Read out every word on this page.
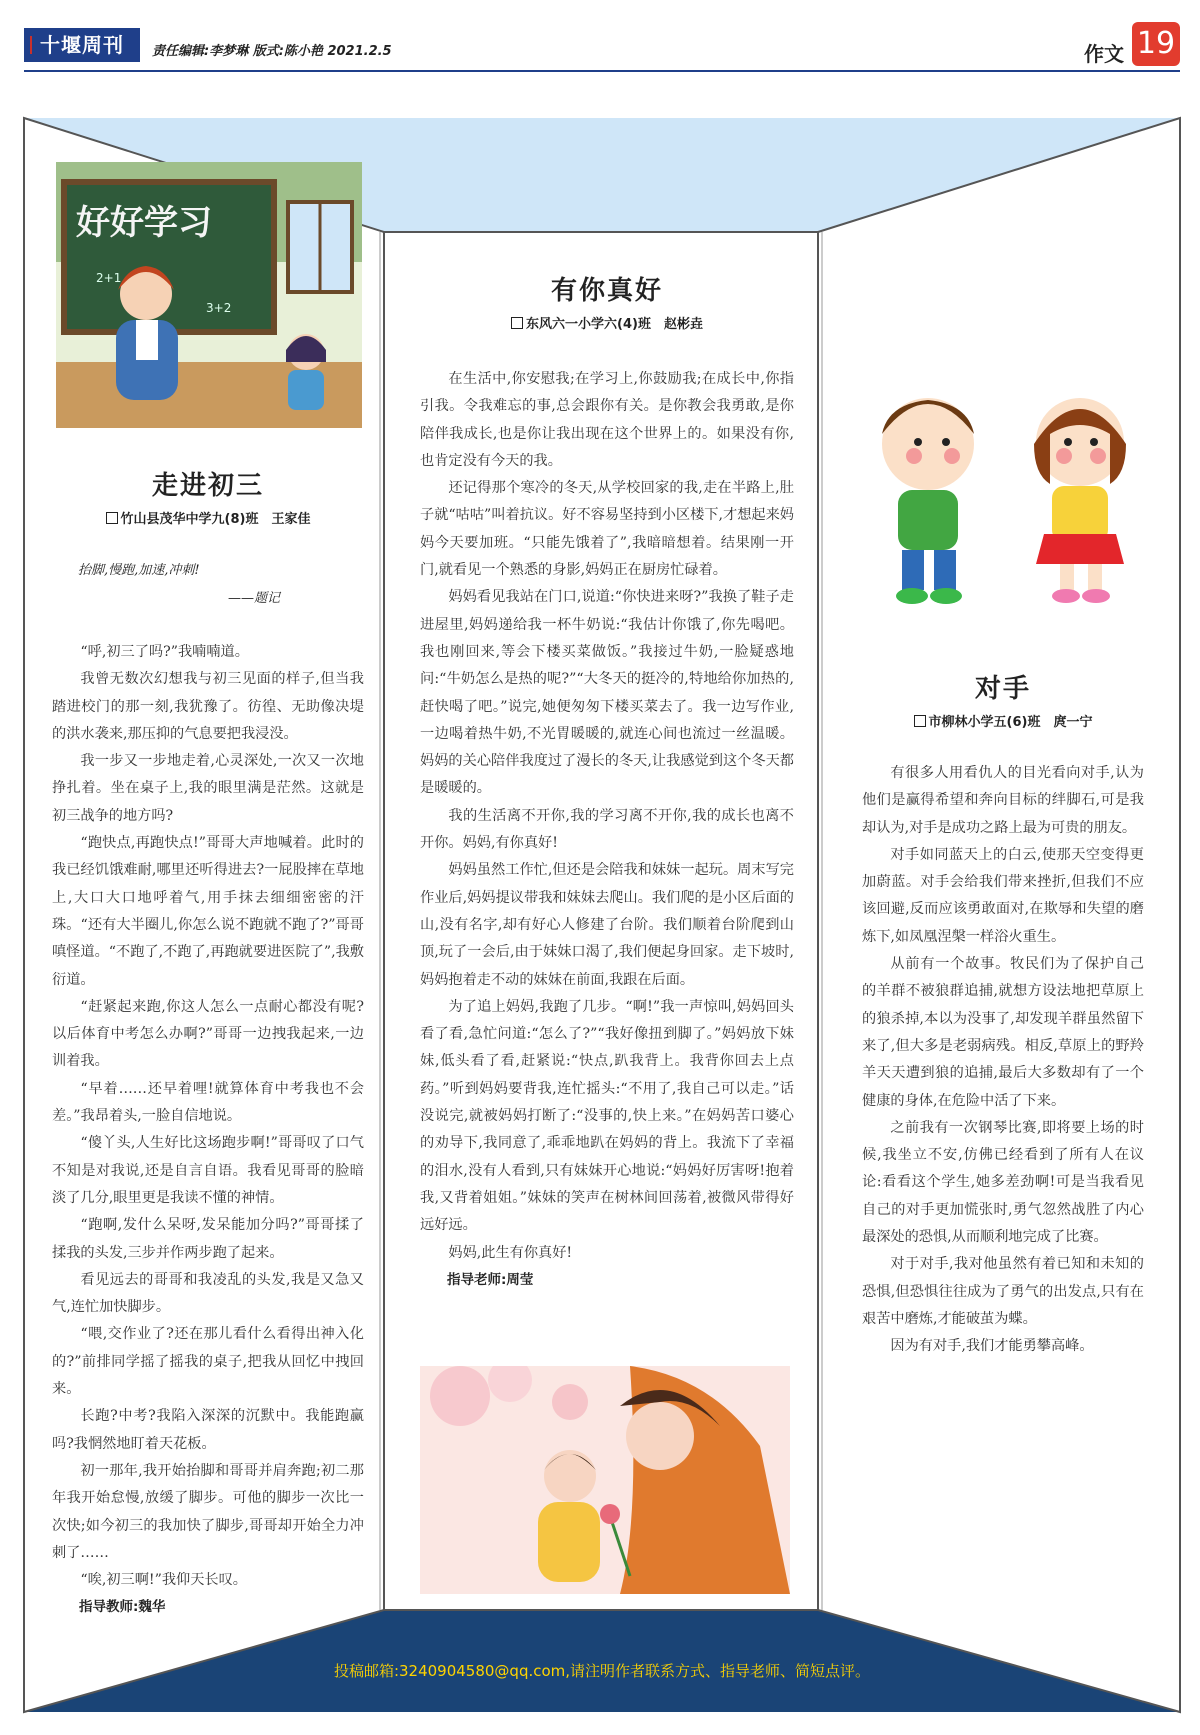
十堰周刊	责任编辑:李梦琳 版式:陈小艳 2021.2.5	作文 19
好好学习
2+1
3+2
走进初三
竹山县茂华中学九(8)班　王家佳
抬脚,慢跑,加速,冲刺!
——题记

“呼,初三了吗?”我喃喃道。

我曾无数次幻想我与初三见面的样子,但当我踏进校门的那一刻,我犹豫了。彷徨、无助像决堤的洪水袭来,那压抑的气息要把我浸没。

我一步又一步地走着,心灵深处,一次又一次地挣扎着。坐在桌子上,我的眼里满是茫然。这就是初三战争的地方吗?

“跑快点,再跑快点!”哥哥大声地喊着。此时的我已经饥饿难耐,哪里还听得进去?一屁股摔在草地上,大口大口地呼着气,用手抹去细细密密的汗珠。“还有大半圈儿,你怎么说不跑就不跑了?”哥哥嗔怪道。“不跑了,不跑了,再跑就要进医院了”,我敷衍道。

“赶紧起来跑,你这人怎么一点耐心都没有呢?以后体育中考怎么办啊?”哥哥一边拽我起来,一边训着我。

“早着……还早着哩!就算体育中考我也不会差。”我昂着头,一脸自信地说。

“傻丫头,人生好比这场跑步啊!”哥哥叹了口气不知是对我说,还是自言自语。我看见哥哥的脸暗淡了几分,眼里更是我读不懂的神情。

“跑啊,发什么呆呀,发呆能加分吗?”哥哥揉了揉我的头发,三步并作两步跑了起来。

看见远去的哥哥和我凌乱的头发,我是又急又气,连忙加快脚步。

“喂,交作业了?还在那儿看什么看得出神入化的?”前排同学摇了摇我的桌子,把我从回忆中拽回来。

长跑?中考?我陷入深深的沉默中。我能跑赢吗?我惘然地盯着天花板。

初一那年,我开始抬脚和哥哥并肩奔跑;初二那年我开始怠慢,放缓了脚步。可他的脚步一次比一次快;如今初三的我加快了脚步,哥哥却开始全力冲刺了……

“唉,初三啊!”我仰天长叹。

指导教师:魏华
有你真好
东风六一小学六(4)班　赵彬垚

在生活中,你安慰我;在学习上,你鼓励我;在成长中,你指引我。令我难忘的事,总会跟你有关。是你教会我勇敢,是你陪伴我成长,也是你让我出现在这个世界上的。如果没有你,也肯定没有今天的我。

还记得那个寒冷的冬天,从学校回家的我,走在半路上,肚子就“咕咕”叫着抗议。好不容易坚持到小区楼下,才想起来妈妈今天要加班。“只能先饿着了”,我暗暗想着。结果刚一开门,就看见一个熟悉的身影,妈妈正在厨房忙碌着。

妈妈看见我站在门口,说道:“你快进来呀?”我换了鞋子走进屋里,妈妈递给我一杯牛奶说:“我估计你饿了,你先喝吧。我也刚回来,等会下楼买菜做饭。”我接过牛奶,一脸疑惑地问:“牛奶怎么是热的呢?”“大冬天的挺冷的,特地给你加热的,赶快喝了吧。”说完,她便匆匆下楼买菜去了。我一边写作业,一边喝着热牛奶,不光胃暖暖的,就连心间也流过一丝温暖。妈妈的关心陪伴我度过了漫长的冬天,让我感觉到这个冬天都是暖暖的。

我的生活离不开你,我的学习离不开你,我的成长也离不开你。妈妈,有你真好!

妈妈虽然工作忙,但还是会陪我和妹妹一起玩。周末写完作业后,妈妈提议带我和妹妹去爬山。我们爬的是小区后面的山,没有名字,却有好心人修建了台阶。我们顺着台阶爬到山顶,玩了一会后,由于妹妹口渴了,我们便起身回家。走下坡时,妈妈抱着走不动的妹妹在前面,我跟在后面。

为了追上妈妈,我跑了几步。“啊!”我一声惊叫,妈妈回头看了看,急忙问道:“怎么了?”“我好像扭到脚了。”妈妈放下妹妹,低头看了看,赶紧说:“快点,趴我背上。我背你回去上点药。”听到妈妈要背我,连忙摇头:“不用了,我自己可以走。”话没说完,就被妈妈打断了:“没事的,快上来。”在妈妈苦口婆心的劝导下,我同意了,乖乖地趴在妈妈的背上。我流下了幸福的泪水,没有人看到,只有妹妹开心地说:“妈妈好厉害呀!抱着我,又背着姐姐。”妹妹的笑声在树林间回荡着,被微风带得好远好远。

妈妈,此生有你真好!

指导老师:周莹
对手
市柳林小学五(6)班　庹一宁

有很多人用看仇人的目光看向对手,认为他们是赢得希望和奔向目标的绊脚石,可是我却认为,对手是成功之路上最为可贵的朋友。

对手如同蓝天上的白云,使那天空变得更加蔚蓝。对手会给我们带来挫折,但我们不应该回避,反而应该勇敢面对,在欺辱和失望的磨炼下,如凤凰涅槃一样浴火重生。

从前有一个故事。牧民们为了保护自己的羊群不被狼群追捕,就想方设法地把草原上的狼杀掉,本以为没事了,却发现羊群虽然留下来了,但大多是老弱病残。相反,草原上的野羚羊天天遭到狼的追捕,最后大多数却有了一个健康的身体,在危险中活了下来。

之前我有一次钢琴比赛,即将要上场的时候,我坐立不安,仿佛已经看到了所有人在议论:看看这个学生,她多差劲啊!可是当我看见自己的对手更加慌张时,勇气忽然战胜了内心最深处的恐惧,从而顺利地完成了比赛。

对于对手,我对他虽然有着已知和未知的恐惧,但恐惧往往成为了勇气的出发点,只有在艰苦中磨炼,才能破茧为蝶。

因为有对手,我们才能勇攀高峰。

投稿邮箱:3240904580@qq.com,请注明作者联系方式、指导老师、简短点评。
